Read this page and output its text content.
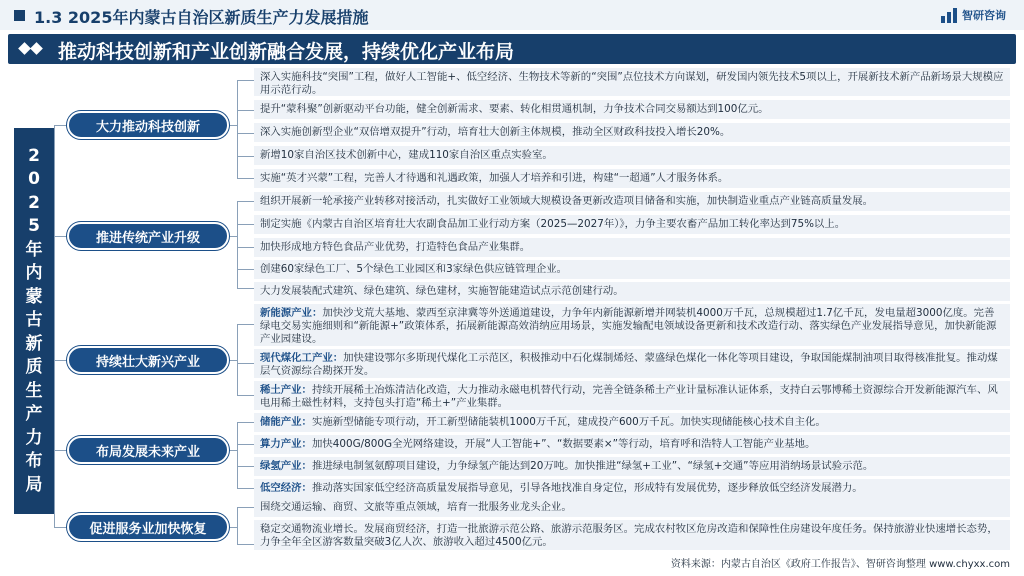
1.3 2025年内蒙古自治区新质生产力发展措施	智研咨询
推动科技创新和产业创新融合发展，持续优化产业布局
2025年内蒙古新质生产力布局
大力推动科技创新
推进传统产业升级
持续壮大新兴产业
布局发展未来产业
促进服务业加快恢复
深入实施科技“突围”工程，做好人工智能+、低空经济、生物技术等新的“突围”点位技术方向谋划，研发国内领先技术5项以上，开展新技术新产品新场景大规模应用示范行动。
提升“蒙科聚”创新驱动平台功能，健全创新需求、要素、转化相贯通机制，力争技术合同交易额达到100亿元。
深入实施创新型企业“双倍增双提升”行动，培育壮大创新主体规模，推动全区财政科技投入增长20%。
新增10家自治区技术创新中心，建成110家自治区重点实验室。
实施“英才兴蒙”工程，完善人才待遇和礼遇政策，加强人才培养和引进，构建“一超通”人才服务体系。
组织开展新一轮承接产业转移对接活动，扎实做好工业领域大规模设备更新改造项目储备和实施，加快制造业重点产业链高质量发展。
制定实施《内蒙古自治区培育壮大农副食品加工业行动方案（2025—2027年）》，力争主要农畜产品加工转化率达到75%以上。
加快形成地方特色食品产业优势，打造特色食品产业集群。
创建60家绿色工厂、5个绿色工业园区和3家绿色供应链管理企业。
大力发展装配式建筑、绿色建筑、绿色建材，实施智能建造试点示范创建行动。
新能源产业：加快沙戈荒大基地、蒙西至京津冀等外送通道建设，力争年内新能源新增并网装机4000万千瓦，总规模超过1.7亿千瓦，发电量超3000亿度。完善绿电交易实施细则和“新能源+”政策体系，拓展新能源高效消纳应用场景，实施发输配电领域设备更新和技术改造行动、落实绿色产业发展指导意见，加快新能源产业园建设。
现代煤化工产业：加快建设鄂尔多斯现代煤化工示范区，积极推动中石化煤制烯烃、蒙盛绿色煤化一体化等项目建设，争取国能煤制油项目取得核准批复。推动煤层气资源综合勘探开发。
稀土产业：持续开展稀土冶炼清洁化改造，大力推动永磁电机替代行动，完善全链条稀土产业计量标准认证体系，支持白云鄂博稀土资源综合开发新能源汽车、风电用稀土磁性材料，支持包头打造“稀土+”产业集群。
储能产业：实施新型储能专项行动，开工新型储能装机1000万千瓦，建成投产600万千瓦。加快实现储能核心技术自主化。
算力产业：加快400G/800G全光网络建设，开展“人工智能+”、“数据要素×”等行动，培育呼和浩特人工智能产业基地。
绿氢产业：推进绿电制氢氨醇项目建设，力争绿氢产能达到20万吨。加快推进“绿氢+工业”、“绿氢+交通”等应用消纳场景试验示范。
低空经济：推动落实国家低空经济高质量发展指导意见，引导各地找准自身定位，形成特有发展优势，逐步释放低空经济发展潜力。
围绕交通运输、商贸、文旅等重点领域，培育一批服务业龙头企业。
稳定交通物流业增长。发展商贸经济，打造一批旅游示范公路、旅游示范服务区。完成农村牧区危房改造和保障性住房建设年度任务。保持旅游业快速增长态势，力争全年全区游客数量突破3亿人次、旅游收入超过4500亿元。
资料来源：内蒙古自治区《政府工作报告》、智研咨询整理 www.chyxx.com
